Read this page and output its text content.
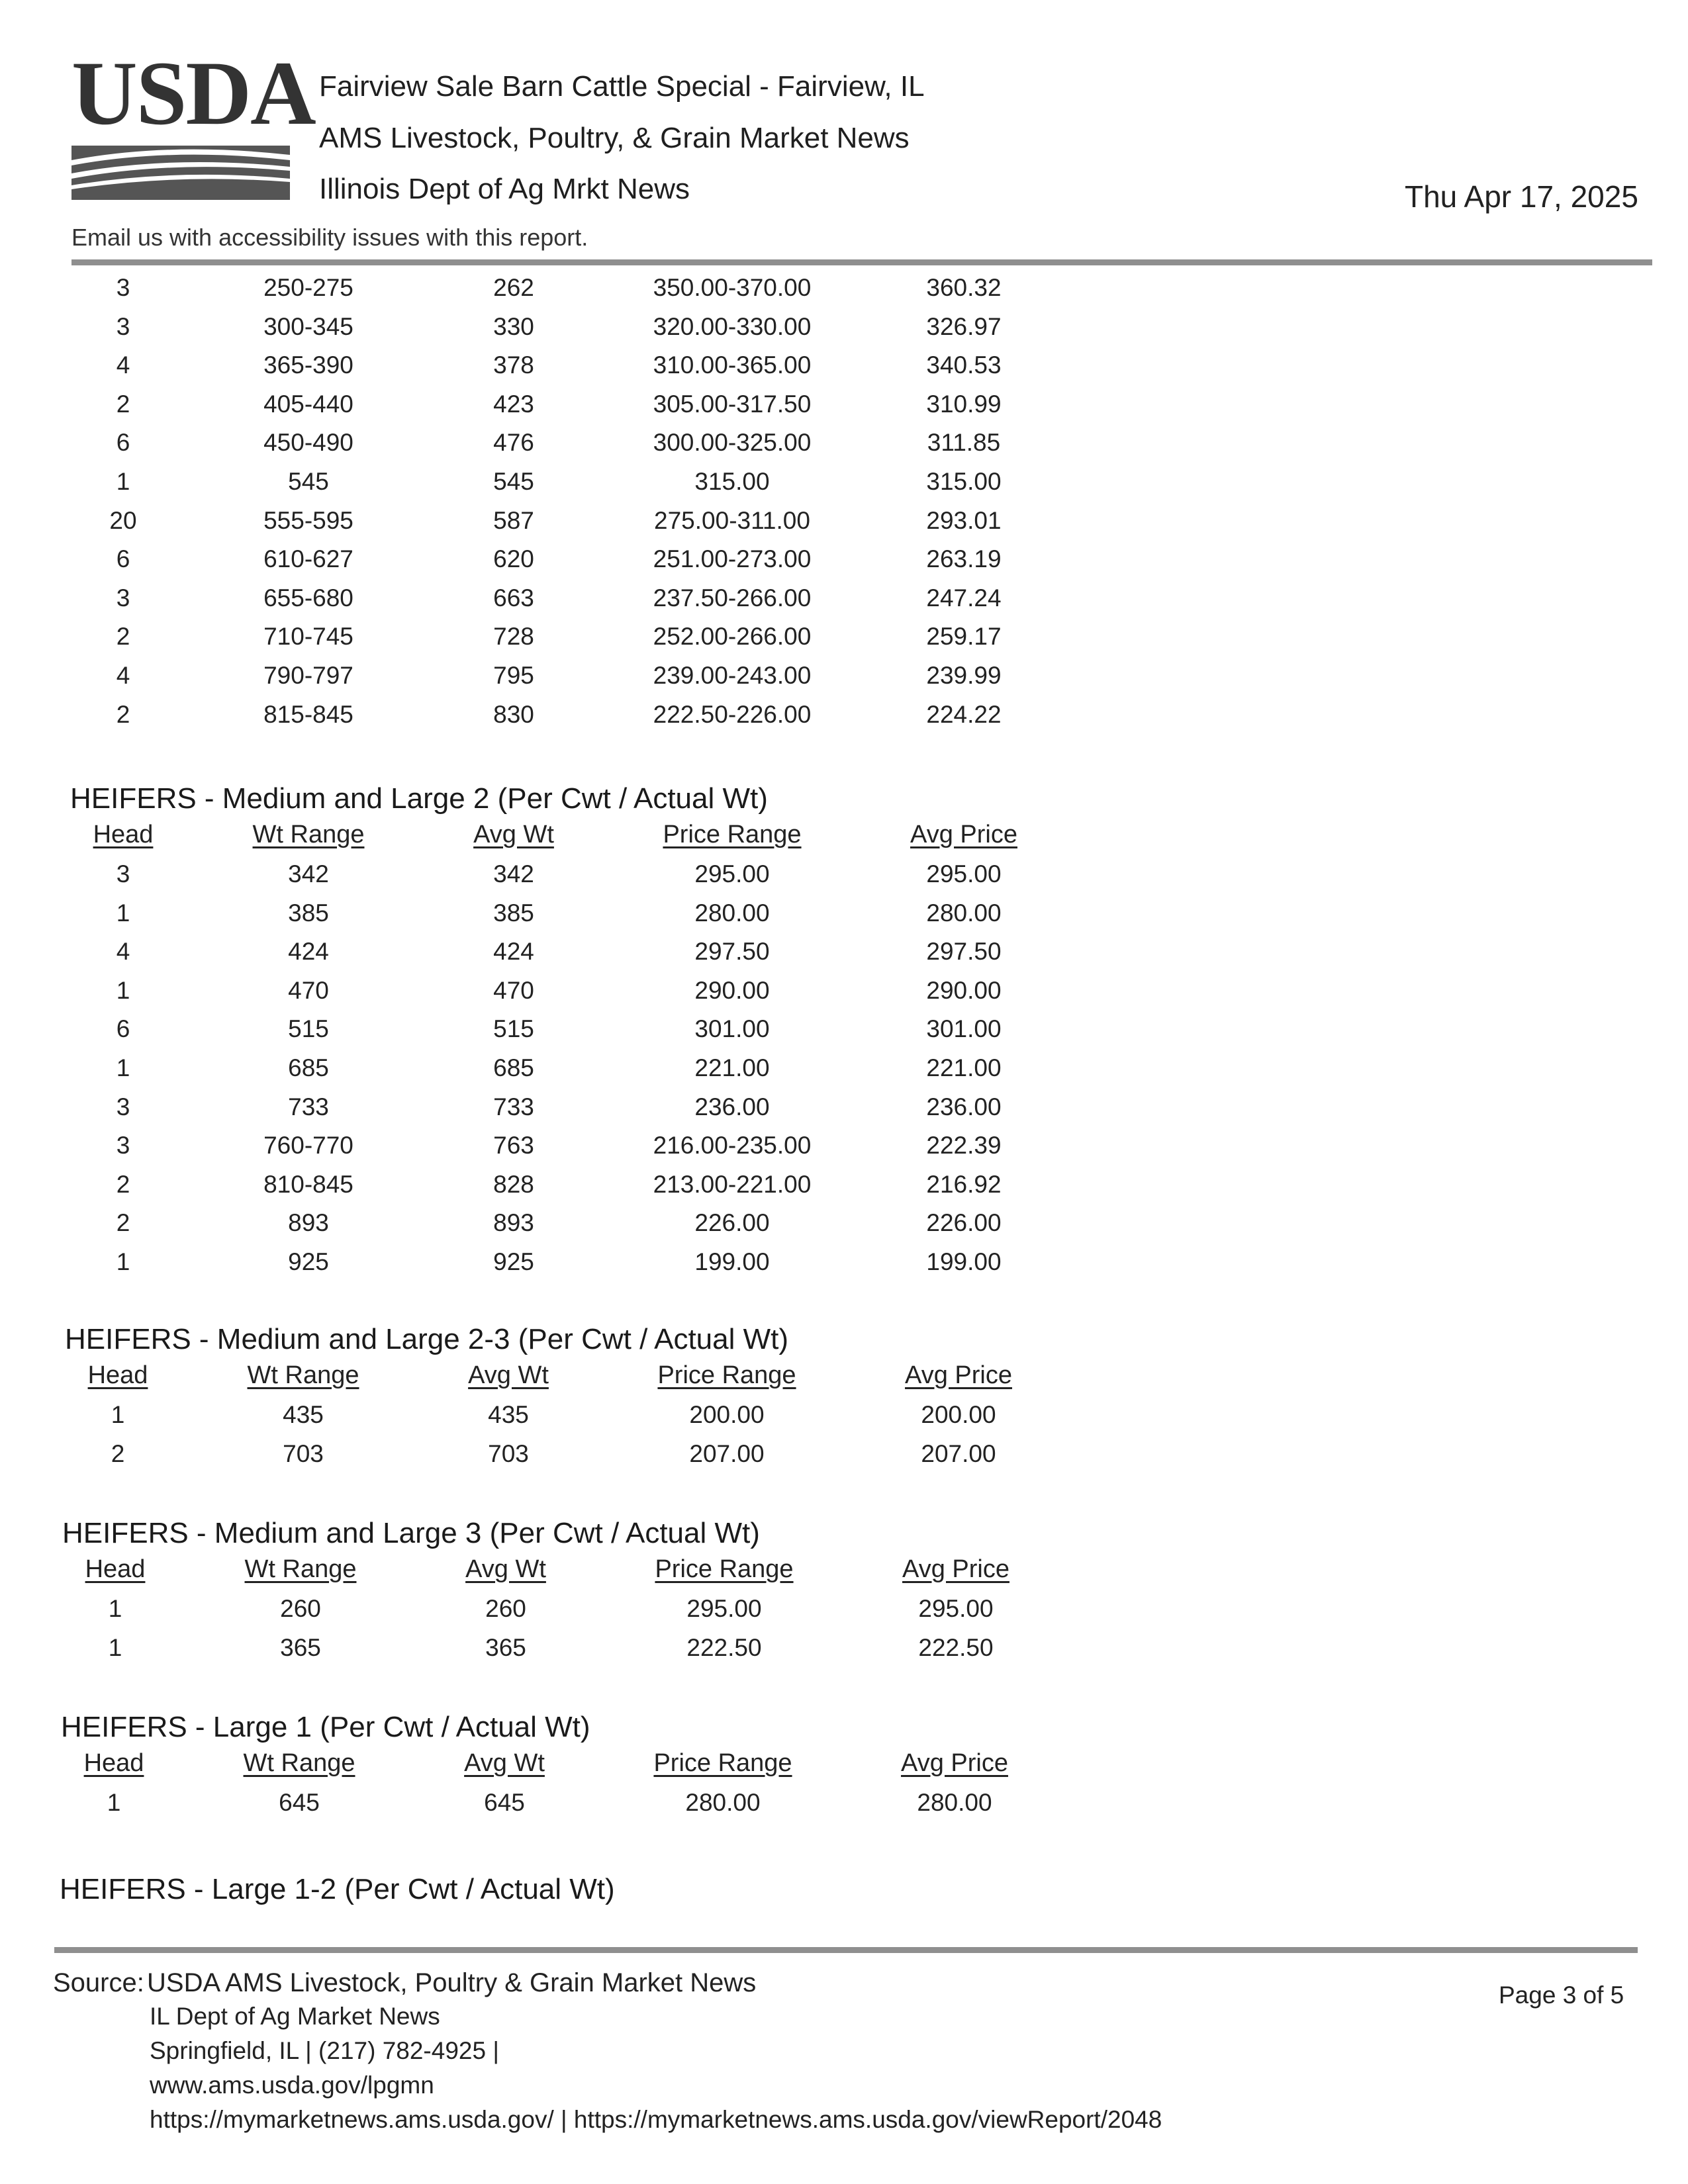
USDA Fairview Sale Barn Cattle Special - Fairview, IL
AMS Livestock, Poultry, & Grain Market News
Illinois Dept of Ag Mrkt News	Thu Apr 17, 2025
Email us with accessibility issues with this report.
3	250-275	262	350.00-370.00	360.32
3	300-345	330	320.00-330.00	326.97
4	365-390	378	310.00-365.00	340.53
2	405-440	423	305.00-317.50	310.99
6	450-490	476	300.00-325.00	311.85
1	545	545	315.00	315.00
20	555-595	587	275.00-311.00	293.01
6	610-627	620	251.00-273.00	263.19
3	655-680	663	237.50-266.00	247.24
2	710-745	728	252.00-266.00	259.17
4	790-797	795	239.00-243.00	239.99
2	815-845	830	222.50-226.00	224.22
HEIFERS - Medium and Large 2 (Per Cwt / Actual Wt)
Head	Wt Range	Avg Wt	Price Range	Avg Price
3	342	342	295.00	295.00
1	385	385	280.00	280.00
4	424	424	297.50	297.50
1	470	470	290.00	290.00
6	515	515	301.00	301.00
1	685	685	221.00	221.00
3	733	733	236.00	236.00
3	760-770	763	216.00-235.00	222.39
2	810-845	828	213.00-221.00	216.92
2	893	893	226.00	226.00
1	925	925	199.00	199.00
HEIFERS - Medium and Large 2-3 (Per Cwt / Actual Wt)
Head	Wt Range	Avg Wt	Price Range	Avg Price
1	435	435	200.00	200.00
2	703	703	207.00	207.00
HEIFERS - Medium and Large 3 (Per Cwt / Actual Wt)
Head	Wt Range	Avg Wt	Price Range	Avg Price
1	260	260	295.00	295.00
1	365	365	222.50	222.50
HEIFERS - Large 1 (Per Cwt / Actual Wt)
Head	Wt Range	Avg Wt	Price Range	Avg Price
1	645	645	280.00	280.00
HEIFERS - Large 1-2 (Per Cwt / Actual Wt)
Source: USDA AMS Livestock, Poultry & Grain Market News
IL Dept of Ag Market News
Springfield, IL | (217) 782-4925 |
www.ams.usda.gov/lpgmn
https://mymarketnews.ams.usda.gov/ | https://mymarketnews.ams.usda.gov/viewReport/2048
Page 3 of 5
